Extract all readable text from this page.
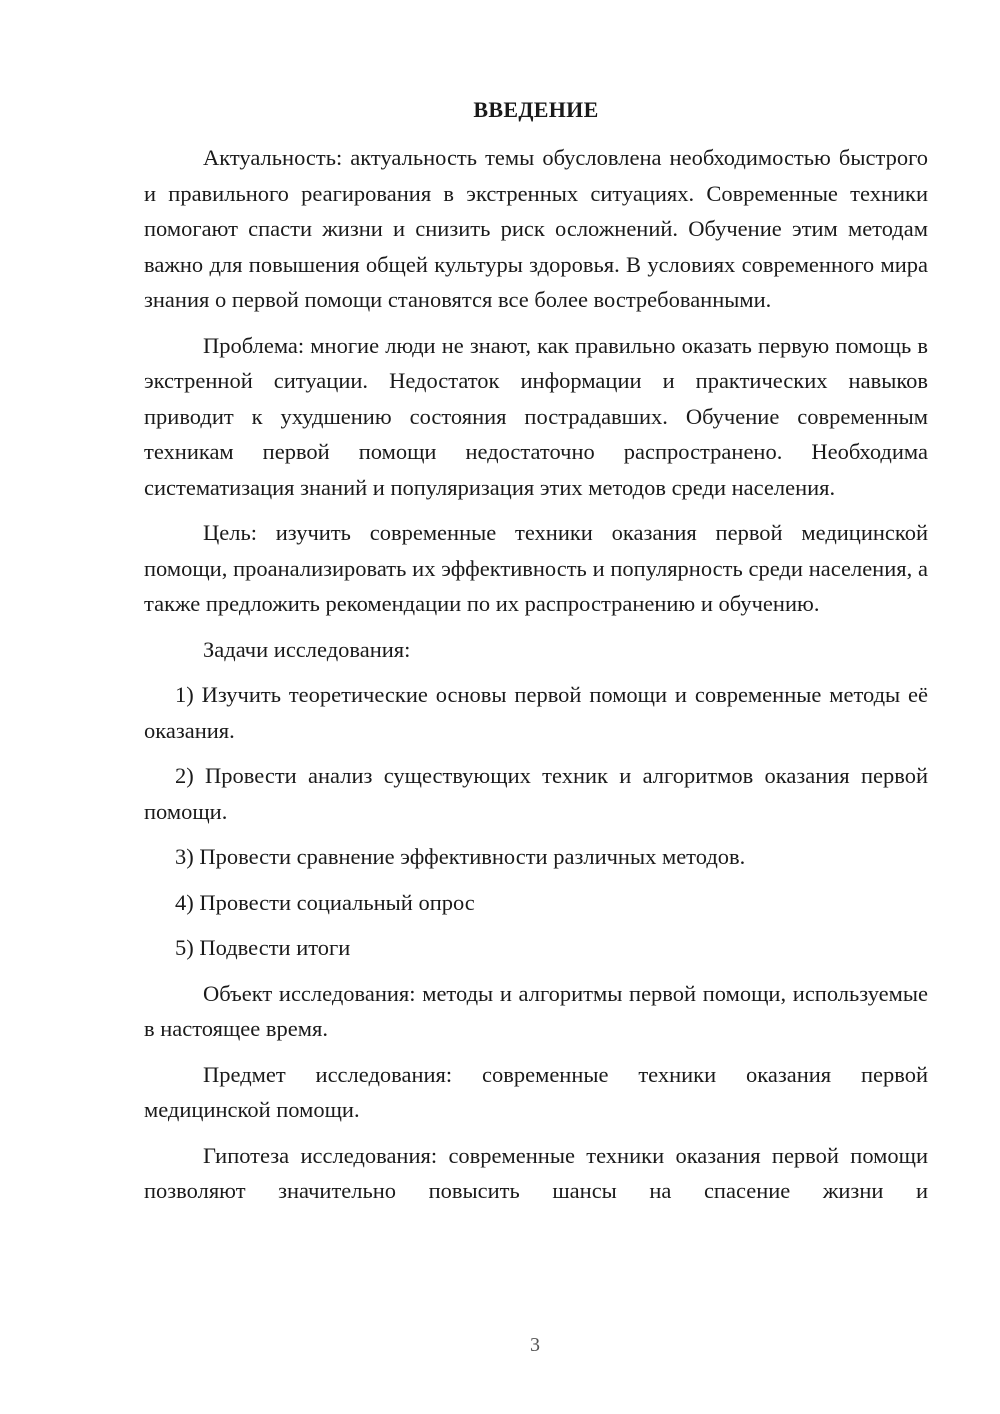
ВВЕДЕНИЕ

Актуальность: актуальность темы обусловлена необходимостью быстрого и правильного реагирования в экстренных ситуациях. Современные техники помогают спасти жизни и снизить риск осложнений. Обучение этим методам важно для повышения общей культуры здоровья. В условиях современного мира знания о первой помощи становятся все более востребованными.

Проблема: многие люди не знают, как правильно оказать первую помощь в экстренной ситуации. Недостаток информации и практических навыков приводит к ухудшению состояния пострадавших. Обучение современным техникам первой помощи недостаточно распространено. Необходима систематизация знаний и популяризация этих методов среди населения.

Цель: изучить современные техники оказания первой медицинской помощи, проанализировать их эффективность и популярность среди населения, а также предложить рекомендации по их распространению и обучению.

Задачи исследования:

1) Изучить теоретические основы первой помощи и современные методы её оказания.

2) Провести анализ существующих техник и алгоритмов оказания первой помощи.

3) Провести сравнение эффективности различных методов.

4) Провести социальный опрос

5) Подвести итоги

Объект исследования: методы и алгоритмы первой помощи, используемые в настоящее время.

Предмет исследования: современные техники оказания первой медицинской помощи.

Гипотеза исследования: современные техники оказания первой помощи позволяют значительно повысить шансы на спасение жизни и

3
